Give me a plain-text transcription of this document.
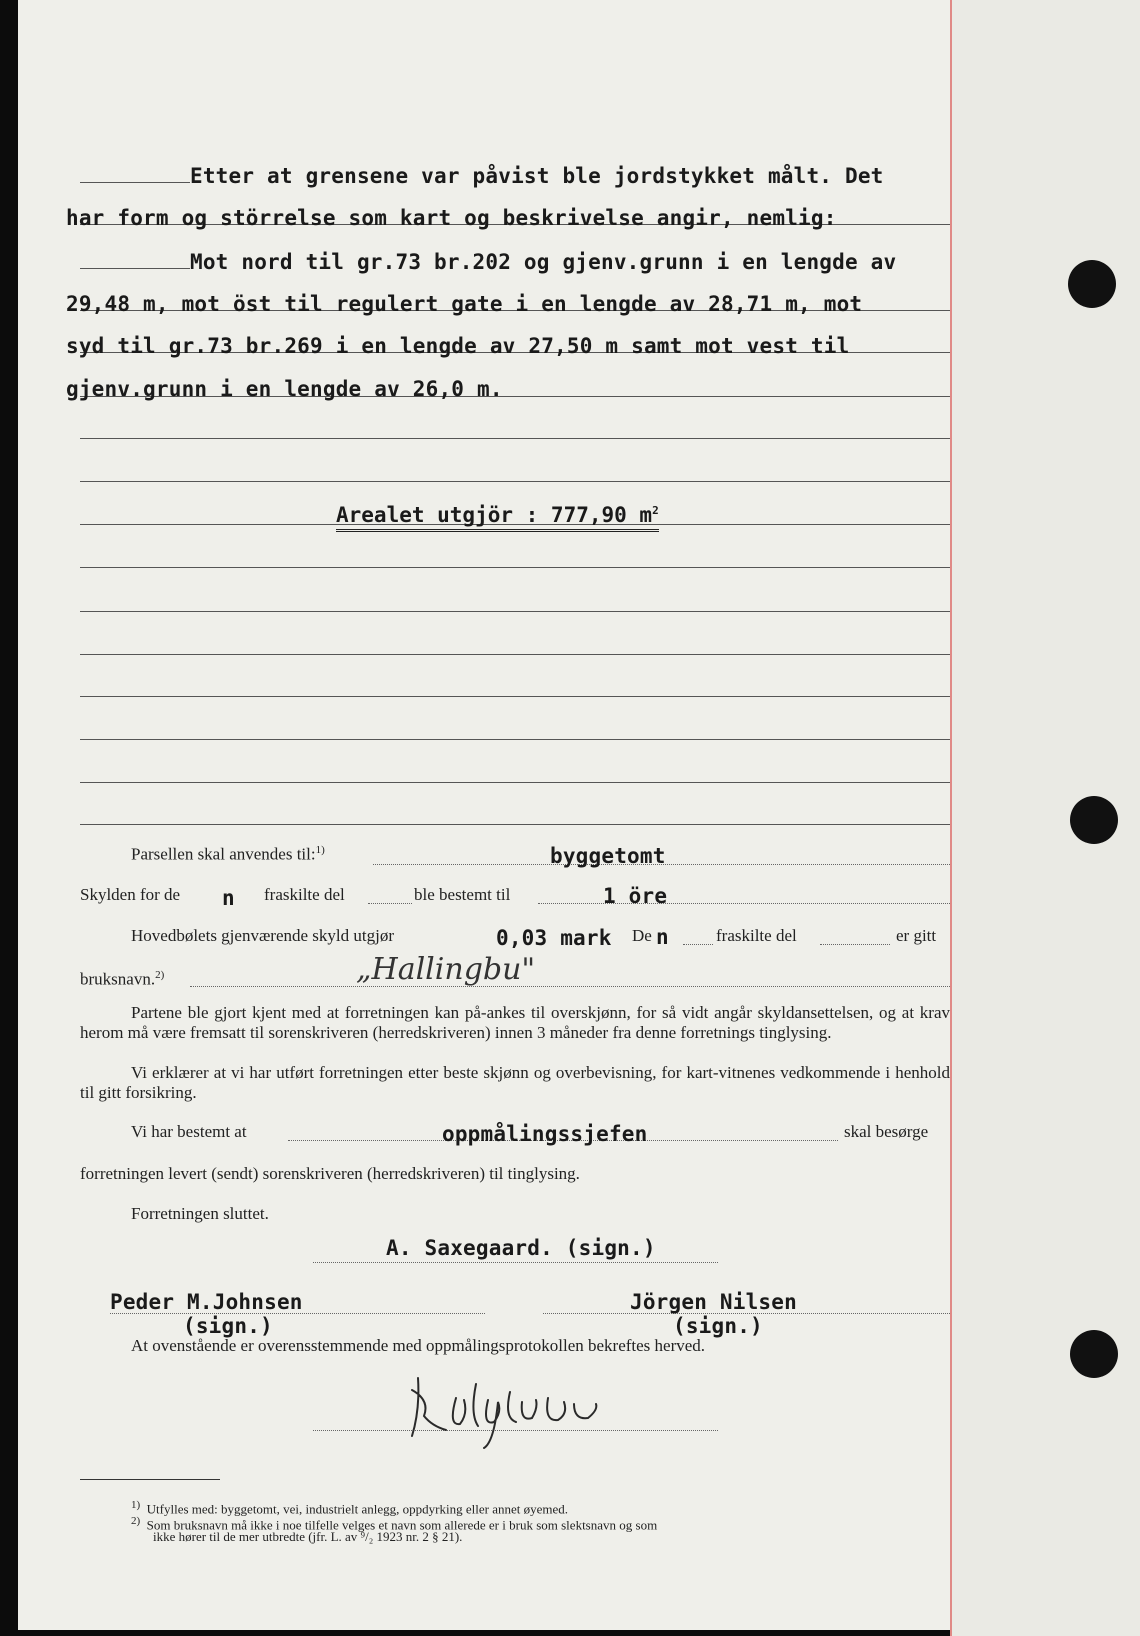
Etter at grensene var påvist ble jordstykket målt. Det
har form og störrelse som kart og beskrivelse angir, nemlig:
Mot nord til gr.73 br.202 og gjenv.grunn i en lengde av
29,48 m, mot öst til regulert gate i en lengde av 28,71 m, mot
syd til gr.73 br.269 i en lengde av 27,50 m samt mot vest til
gjenv.grunn i en lengde av 26,0 m.
Arealet utgjör : 777,90 $m^2$
Parsellen skal anvendes til:$^{1)}$	byggetomt
Skylden for de n fraskilte del	ble bestemt til	1 öre
Hovedbølets gjenværende skyld utgjør	0,03 mark De n	fraskilte del	er gitt
bruksnavn.$^{2)}$	„Hallingbu"
Partene ble gjort kjent med at forretningen kan på-ankes til overskjønn, for så vidt angår skyldansettelsen, og at krav herom må være fremsatt til sorenskriveren (herredskriveren) innen 3 måneder fra denne forretnings tinglysing.
Vi erklærer at vi har utført forretningen etter beste skjønn og overbevisning, for kart-vitnenes vedkommende i henhold til gitt forsikring.
Vi har bestemt at	oppmålingssjefen	skal besørge
forretningen levert (sendt) sorenskriveren (herredskriveren) til tinglysing.
Forretningen sluttet.
A. Saxegaard. (sign.)
Peder M.Johnsen
(sign.)
Jörgen Nilsen
(sign.)
At ovenstående er overensstemmende med oppmålingsprotokollen bekreftes herved.
$^{1)}$ Utfylles med: byggetomt, vei, industrielt anlegg, oppdyrking eller annet øyemed.
$^{2)}$ Som bruksnavn må ikke i noe tilfelle velges et navn som allerede er i bruk som slektsnavn og som
ikke hører til de mer utbredte (jfr. L. av ⁹/₂ 1923 nr. 2 § 21).
